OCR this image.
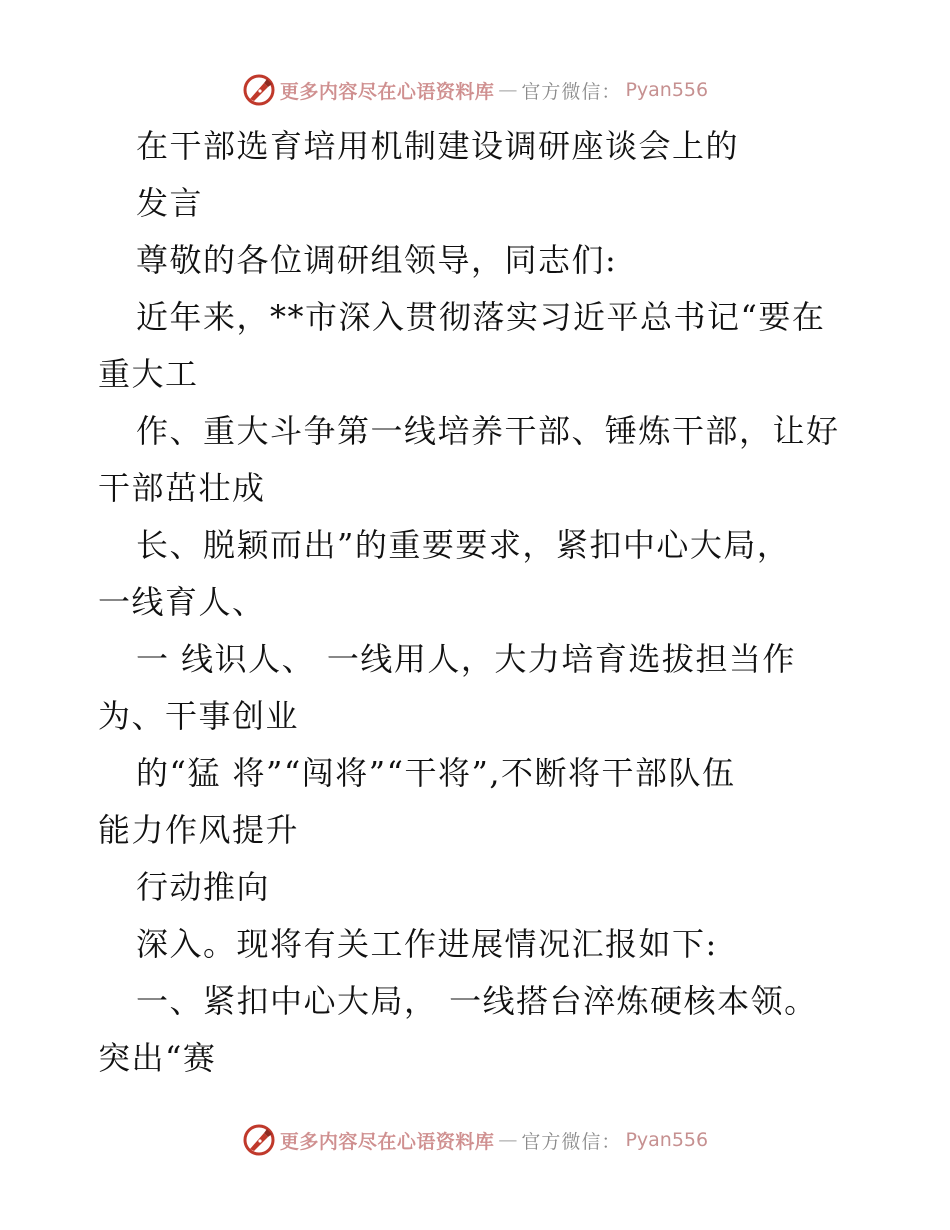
更多内容尽在心语资料库 — 官方微信： Pyan556
在干部选育培用机制建设调研座谈会上的
发言
尊敬的各位调研组领导，同志们:
近年来，**市深入贯彻落实习近平总书记“要在
重大工
作、重大斗争第一线培养干部、锤炼干部，让好
干部茁壮成
长、脱颖而出”的重要要求，紧扣中心大局，
一线育人、
一 线识人、 一线用人，大力培育选拔担当作
为、干事创业
的“猛 将”“闯将”“干将”,不断将干部队伍
能力作风提升
行动推向
深入。现将有关工作进展情况汇报如下:
一、紧扣中心大局， 一线搭台淬炼硬核本领。
突出“赛
更多内容尽在心语资料库 — 官方微信： Pyan556
